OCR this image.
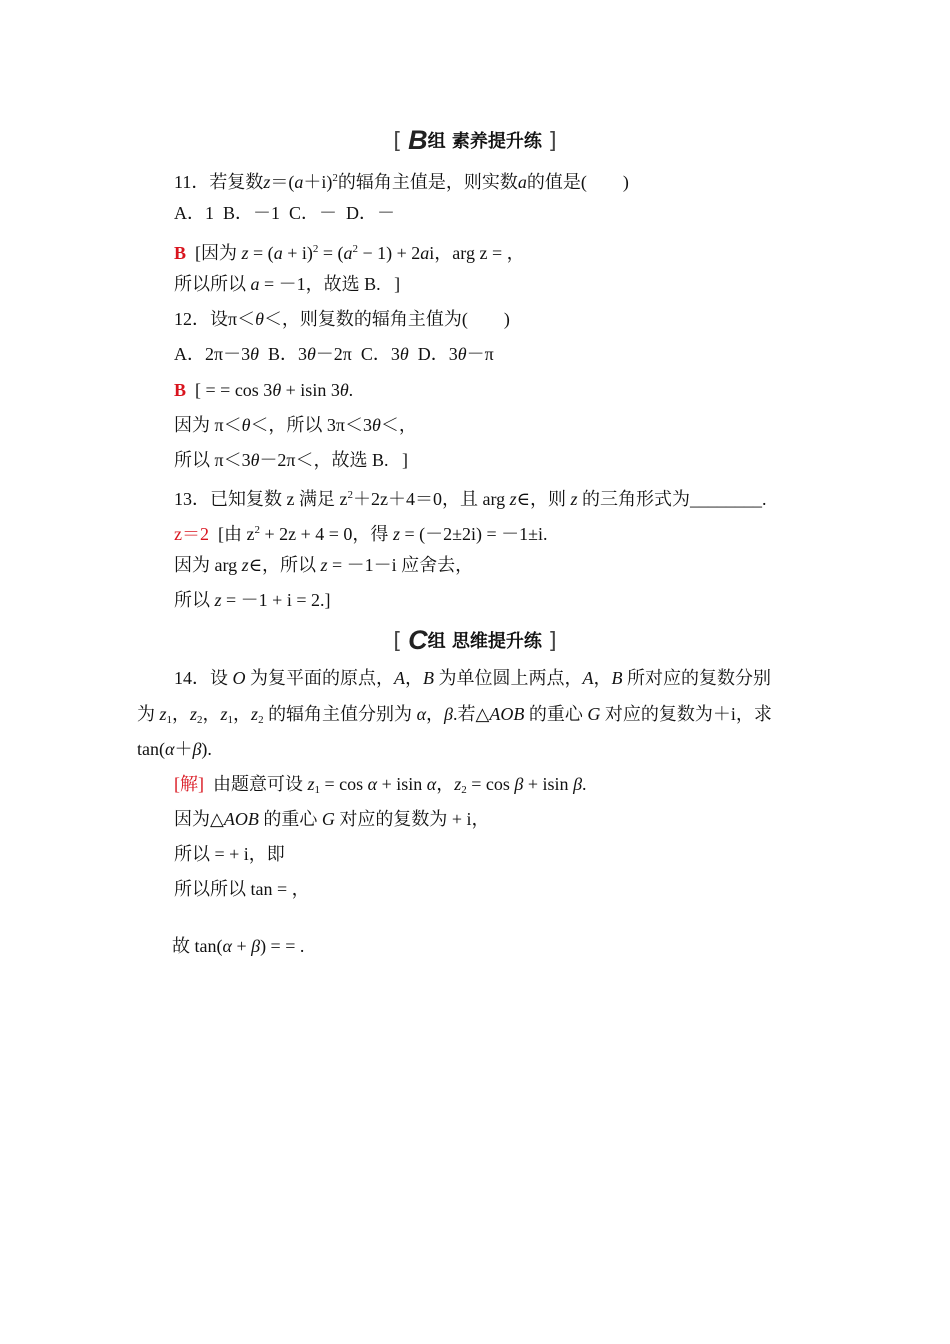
[ B组 素养提升练 ]
11．若复数$z=(a+i)^2$的辐角主值是，则实数a的值是(　　)
A．1  B．－1  C．－  D．－
B  [因为 $z = (a + i)^2 = (a^2 - 1) + 2ai$，arg z = ，
所以所以 a = －1，故选 B.   ]
12．设π＜θ＜，则复数的辐角主值为(　　)
A．2π－3θ  B．3θ－2π  C．3θ  D．3θ－π
B  [ = = cos 3θ + isin 3θ.
因为 π＜θ＜，所以 3π＜3θ＜，
所以 π＜3θ－2π＜，故选 B.   ]
13．已知复数 z 满足 $z^2+2z+4=0$，且 arg z∈，则 z 的三角形式为________.
z＝2  [由 $z^2 + 2z + 4 = 0$，得 z = (－2±2i) = －1±i.
因为 arg z∈，所以 z = －1－i 应舍去，
所以 z = －1 + i = 2.]
[ C组 思维提升练 ]
14．设 O 为复平面的原点，A，B 为单位圆上两点，A，B 所对应的复数分别
为 $z_1$，$z_2$，$z_1$，$z_2$ 的辐角主值分别为 α，β.若△AOB 的重心 G 对应的复数为＋i，求
tan(α＋β).
[解]  由题意可设 $z_1 = \cos \alpha + isin$ α，$z_2 = \cos \beta + isin$ β.
因为△AOB 的重心 G 对应的复数为 + i，
所以 = + i，即
所以所以 tan = ，
故 tan(α + β) = = .
